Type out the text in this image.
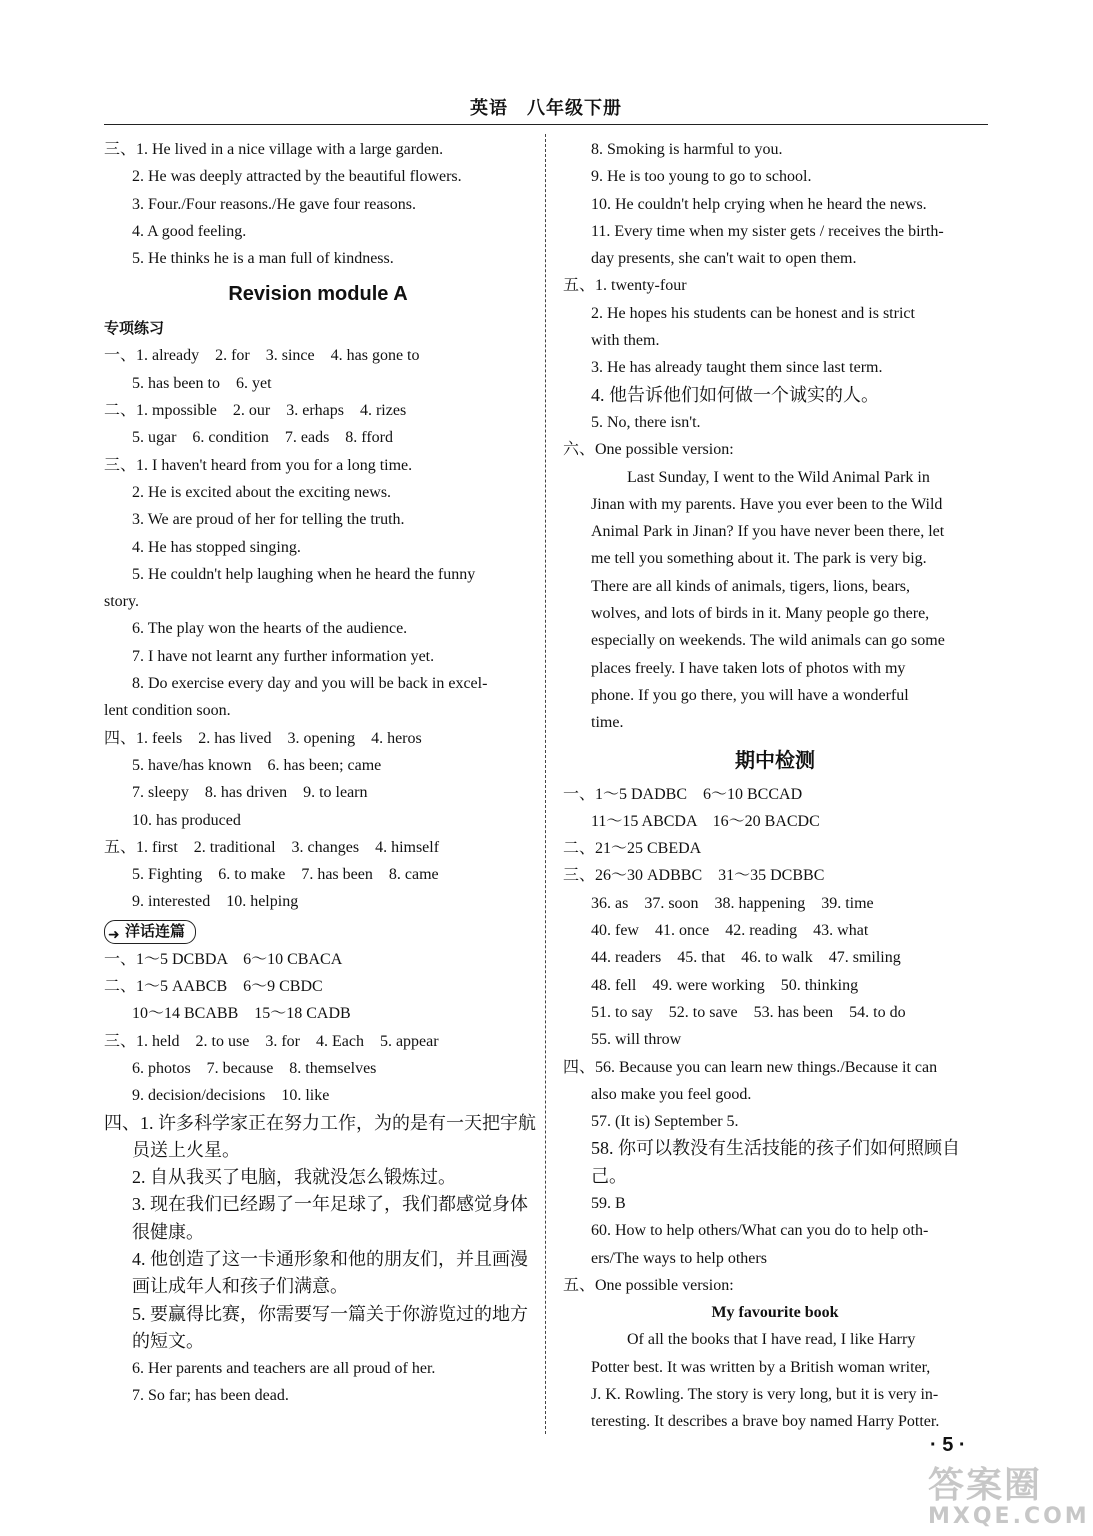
英语　八年级下册
三、1. He lived in a nice village with a large garden.
2. He was deeply attracted by the beautiful flowers.
3. Four./Four reasons./He gave four reasons.
4. A good feeling.
5. He thinks he is a man full of kindness.
Revision module A
专项练习
一、1. already　2. for　3. since　4. has gone to
5. has been to　6. yet
二、1. mpossible　2. our　3. erhaps　4. rizes
5. ugar　6. condition　7. eads　8. fford
三、1. I haven't heard from you for a long time.
2. He is excited about the exciting news.
3. We are proud of her for telling the truth.
4. He has stopped singing.
5. He couldn't help laughing when he heard the funny
story.
6. The play won the hearts of the audience.
7. I have not learnt any further information yet.
8. Do exercise every day and you will be back in excel-
lent condition soon.
四、1. feels　2. has lived　3. opening　4. heros
5. have/has known　6. has been; came
7. sleepy　8. has driven　9. to learn
10. has produced
五、1. first　2. traditional　3. changes　4. himself
5. Fighting　6. to make　7. has been　8. came
9. interested　10. helping
➜ 洋话连篇
一、1～5 DCBDA　6～10 CBACA
二、1～5 AABCB　6～9 CBDC
10～14 BCABB　15～18 CADB
三、1. held　2. to use　3. for　4. Each　5. appear
6. photos　7. because　8. themselves
9. decision/decisions　10. like
四、1. 许多科学家正在努力工作，为的是有一天把宇航
员送上火星。
2. 自从我买了电脑，我就没怎么锻炼过。
3. 现在我们已经踢了一年足球了，我们都感觉身体
很健康。
4. 他创造了这一卡通形象和他的朋友们，并且画漫
画让成年人和孩子们满意。
5. 要赢得比赛，你需要写一篇关于你游览过的地方
的短文。
6. Her parents and teachers are all proud of her.
7. So far; has been dead.
8. Smoking is harmful to you.
9. He is too young to go to school.
10. He couldn't help crying when he heard the news.
11. Every time when my sister gets / receives the birth-
day presents, she can't wait to open them.
五、1. twenty-four
2. He hopes his students can be honest and is strict
with them.
3. He has already taught them since last term.
4. 他告诉他们如何做一个诚实的人。
5. No, there isn't.
六、One possible version:
Last Sunday, I went to the Wild Animal Park in
Jinan with my parents. Have you ever been to the Wild
Animal Park in Jinan? If you have never been there, let
me tell you something about it. The park is very big.
There are all kinds of animals, tigers, lions, bears,
wolves, and lots of birds in it. Many people go there,
especially on weekends. The wild animals can go some
places freely. I have taken lots of photos with my
phone. If you go there, you will have a wonderful
time.
期中检测
一、1～5 DADBC　6～10 BCCAD
11～15 ABCDA　16～20 BACDC
二、21～25 CBEDA
三、26～30 ADBBC　31～35 DCBBC
36. as　37. soon　38. happening　39. time
40. few　41. once　42. reading　43. what
44. readers　45. that　46. to walk　47. smiling
48. fell　49. were working　50. thinking
51. to say　52. to save　53. has been　54. to do
55. will throw
四、56. Because you can learn new things./Because it can
also make you feel good.
57. (It is) September 5.
58. 你可以教没有生活技能的孩子们如何照顾自
己。
59. B
60. How to help others/What can you do to help oth-
ers/The ways to help others
五、One possible version:
My favourite book
Of all the books that I have read, I like Harry
Potter best. It was written by a British woman writer,
J. K. Rowling. The story is very long, but it is very in-
teresting. It describes a brave boy named Harry Potter.
· 5 ·
答案圈
MXQE.COM
